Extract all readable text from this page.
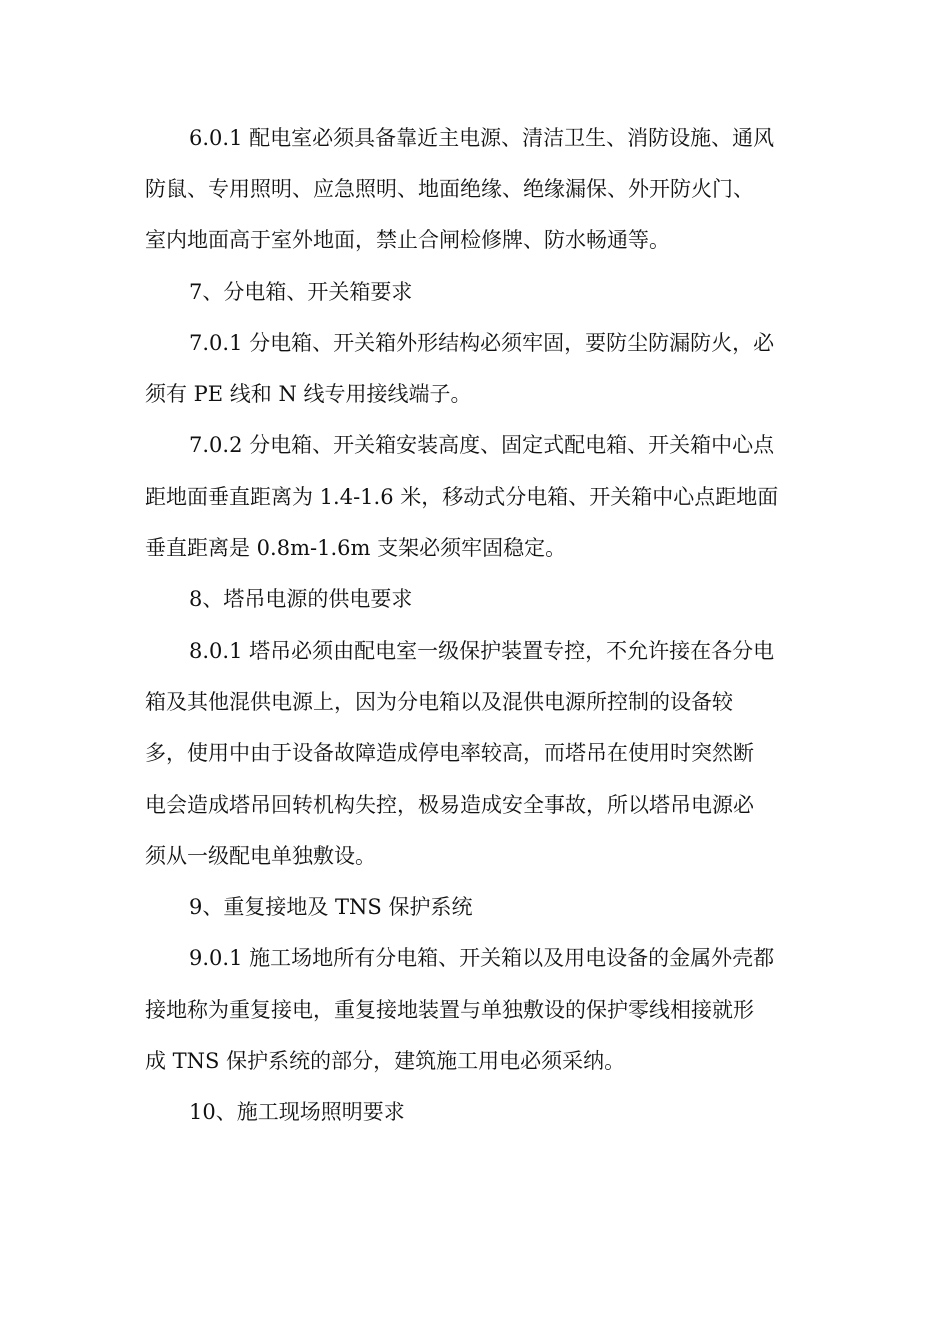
6.0.1 配电室必须具备靠近主电源、清洁卫生、消防设施、通风
防鼠、专用照明、应急照明、地面绝缘、绝缘漏保、外开防火门、
室内地面高于室外地面，禁止合闸检修牌、防水畅通等。
7、分电箱、开关箱要求
7.0.1 分电箱、开关箱外形结构必须牢固，要防尘防漏防火，必
须有 PE 线和 N 线专用接线端子。
7.0.2 分电箱、开关箱安装高度、固定式配电箱、开关箱中心点
距地面垂直距离为 1.4-1.6 米，移动式分电箱、开关箱中心点距地面
垂直距离是 0.8m-1.6m 支架必须牢固稳定。
8、塔吊电源的供电要求
8.0.1 塔吊必须由配电室一级保护装置专控，不允许接在各分电
箱及其他混供电源上，因为分电箱以及混供电源所控制的设备较
多，使用中由于设备故障造成停电率较高，而塔吊在使用时突然断
电会造成塔吊回转机构失控，极易造成安全事故，所以塔吊电源必
须从一级配电单独敷设。
9、重复接地及 TNS 保护系统
9.0.1 施工场地所有分电箱、开关箱以及用电设备的金属外壳都
接地称为重复接电，重复接地装置与单独敷设的保护零线相接就形
成 TNS 保护系统的部分，建筑施工用电必须采纳。
10、施工现场照明要求
